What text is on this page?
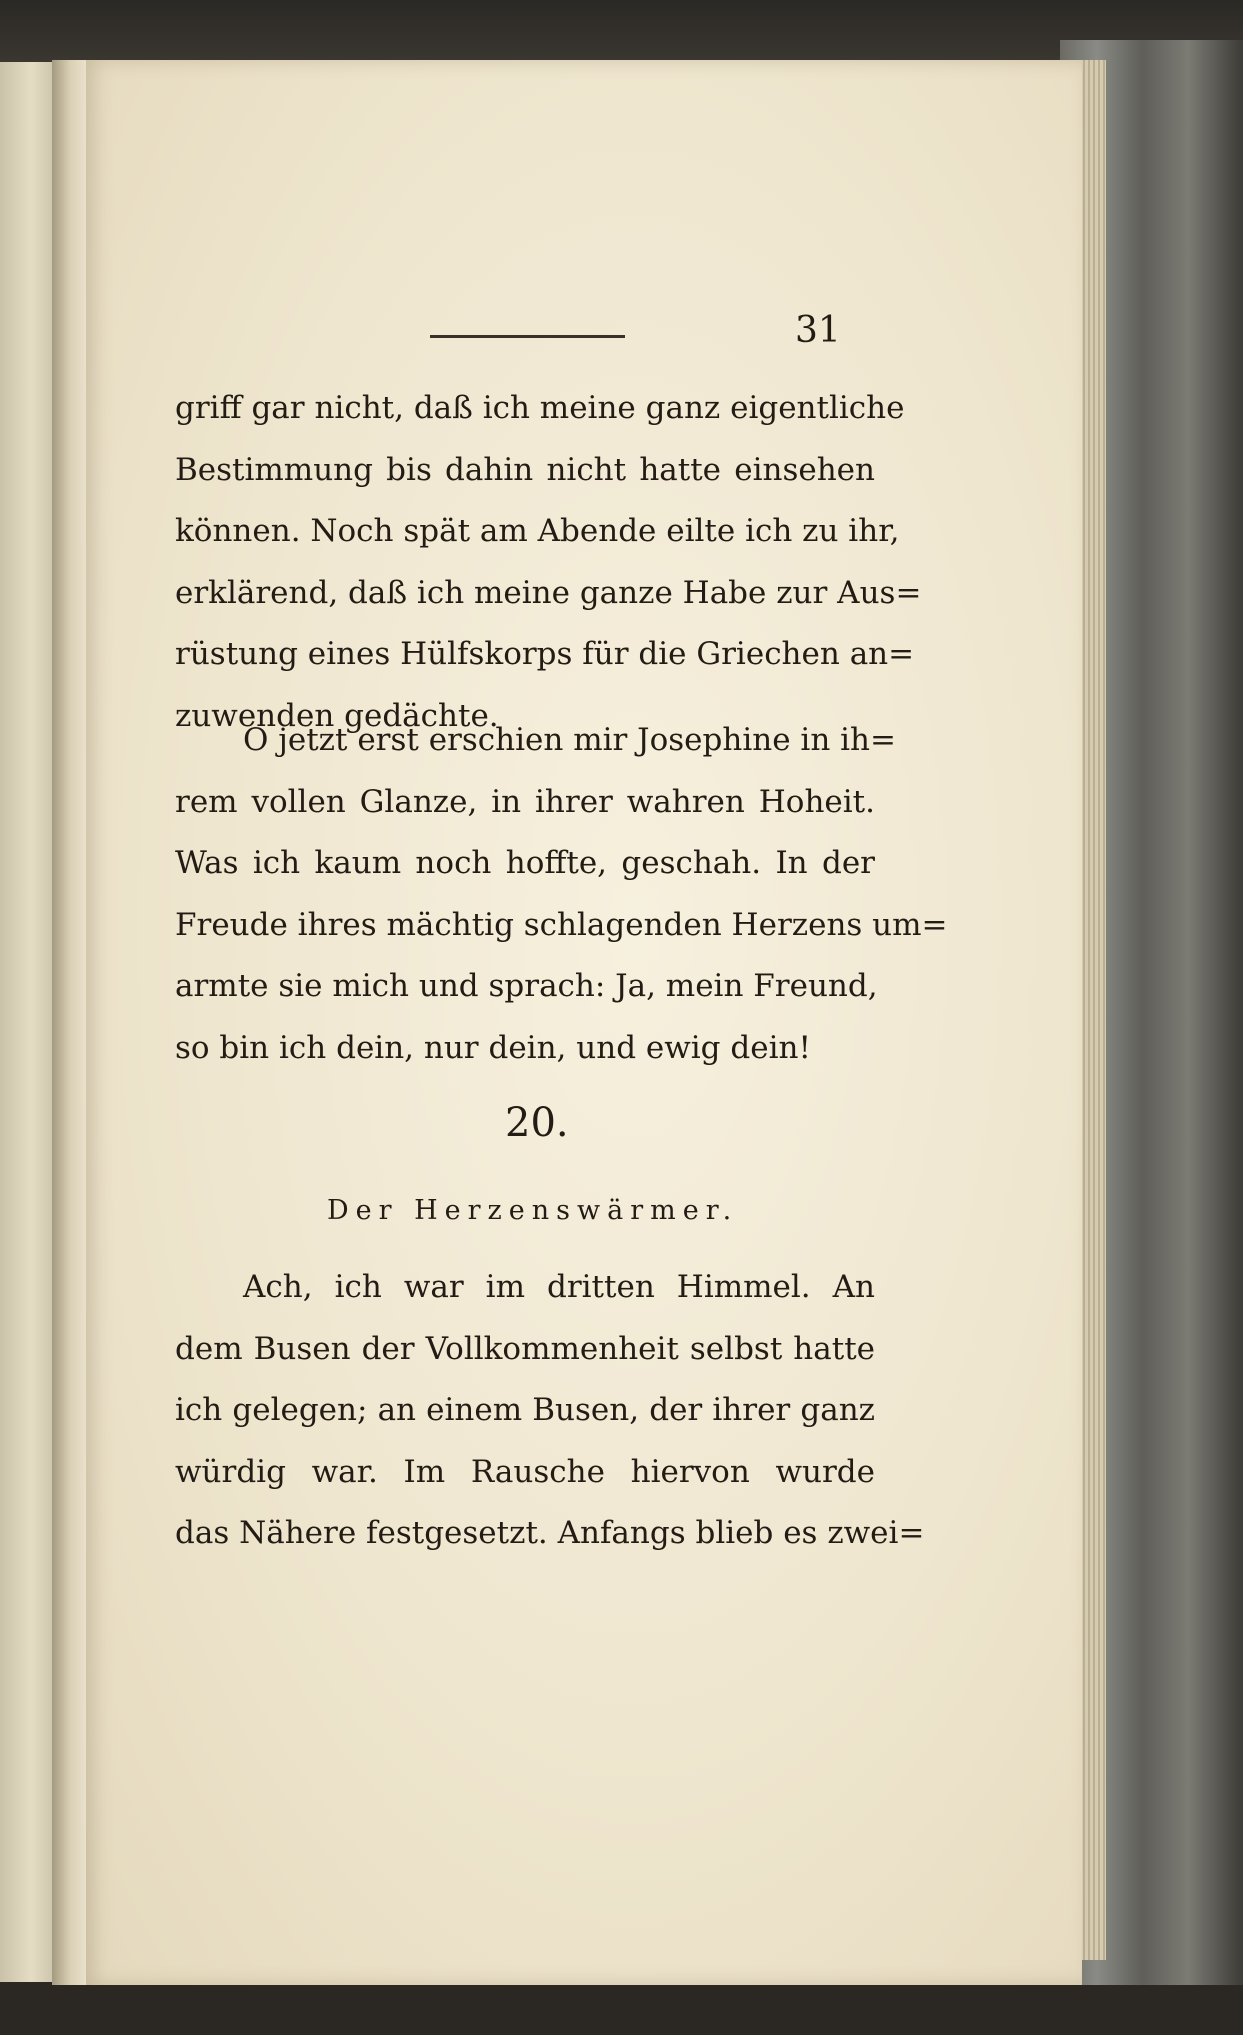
31
griff gar nicht, daß ich meine ganz eigentliche
Bestimmung bis dahin nicht hatte einsehen
können. Noch spät am Abende eilte ich zu ihr,
erklärend, daß ich meine ganze Habe zur Aus=
rüstung eines Hülfskorps für die Griechen an=
zuwenden gedächte.
O jetzt erst erschien mir Josephine in ih=
rem vollen Glanze, in ihrer wahren Hoheit.
Was ich kaum noch hoffte, geschah. In der
Freude ihres mächtig schlagenden Herzens um=
armte sie mich und sprach: Ja, mein Freund,
so bin ich dein, nur dein, und ewig dein!
20.
Der Herzenswärmer.
Ach, ich war im dritten Himmel. An
dem Busen der Vollkommenheit selbst hatte
ich gelegen; an einem Busen, der ihrer ganz
würdig war. Im Rausche hiervon wurde
das Nähere festgesetzt. Anfangs blieb es zwei=
